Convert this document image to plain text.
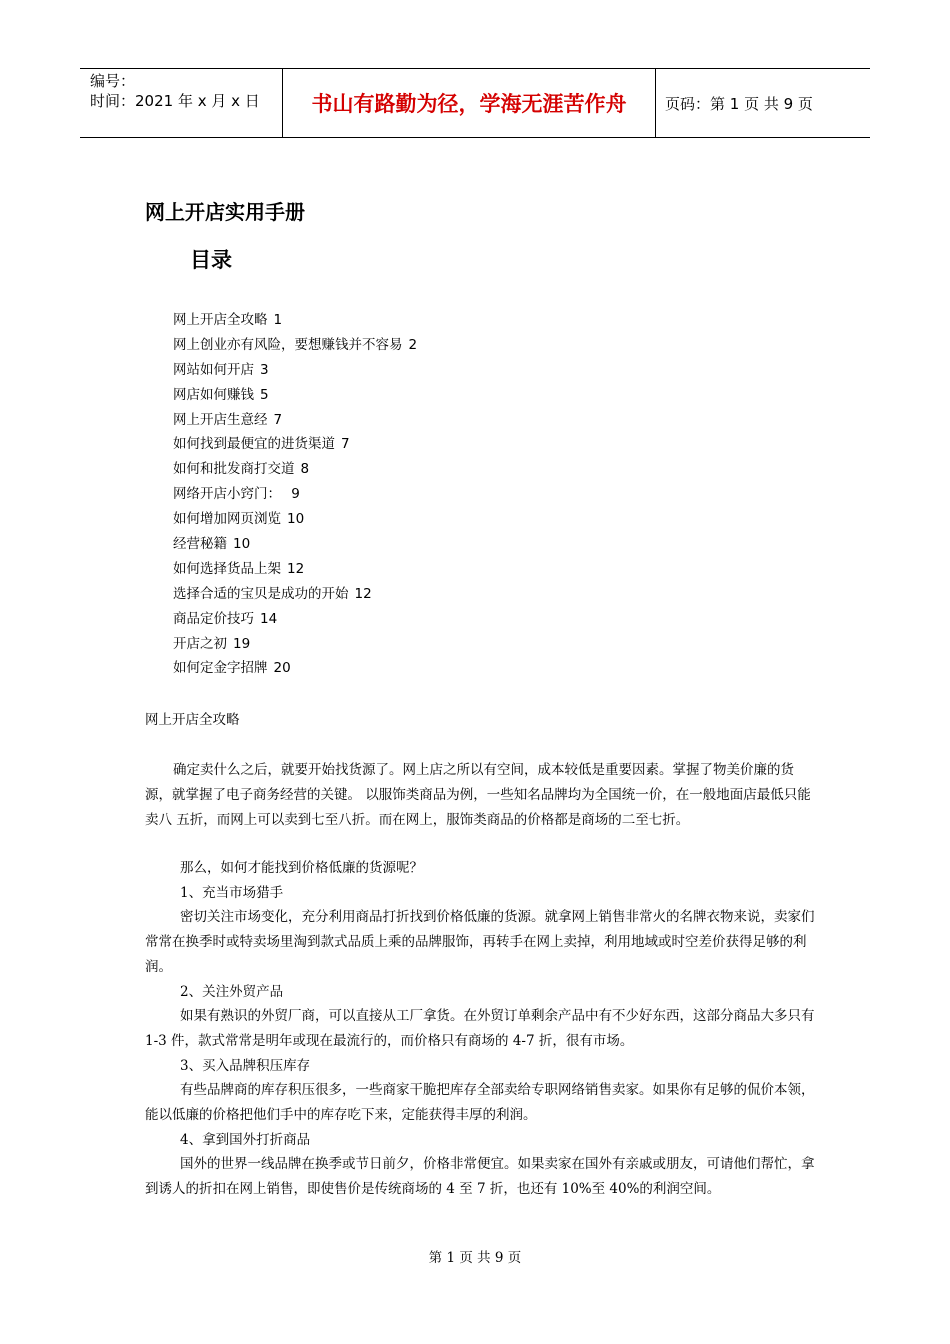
编号：
时间：2021 年 x 月 x 日	书山有路勤为径，学海无涯苦作舟	页码：第 1 页 共 9 页
网上开店实用手册
目录
网上开店全攻略 1
网上创业亦有风险，要想赚钱并不容易 2
网站如何开店 3
网店如何赚钱 5
网上开店生意经 7
如何找到最便宜的进货渠道 7
如何和批发商打交道 8
网络开店小窍门： 9
如何增加网页浏览 10
经营秘籍 10
如何选择货品上架 12
选择合适的宝贝是成功的开始 12
商品定价技巧 14
开店之初 19
如何定金字招牌 20
网上开店全攻略

确定卖什么之后，就要开始找货源了。网上店之所以有空间，成本较低是重要因素。掌握了物美价廉的货源，就掌握了电子商务经营的关键。 以服饰类商品为例，一些知名品牌均为全国统一价，在一般地面店最低只能卖八 五折，而网上可以卖到七至八折。而在网上，服饰类商品的价格都是商场的二至七折。

那么，如何才能找到价格低廉的货源呢？

1、充当市场猎手

密切关注市场变化，充分利用商品打折找到价格低廉的货源。就拿网上销售非常火的名牌衣物来说，卖家们常常在换季时或特卖场里淘到款式品质上乘的品牌服饰，再转手在网上卖掉，利用地域或时空差价获得足够的利润。

2、关注外贸产品

如果有熟识的外贸厂商，可以直接从工厂拿货。在外贸订单剩余产品中有不少好东西，这部分商品大多只有 1-3 件，款式常常是明年或现在最流行的，而价格只有商场的 4-7 折，很有市场。

3、买入品牌积压库存

有些品牌商的库存积压很多，一些商家干脆把库存全部卖给专职网络销售卖家。如果你有足够的侃价本领，能以低廉的价格把他们手中的库存吃下来，定能获得丰厚的利润。

4、拿到国外打折商品

国外的世界一线品牌在换季或节日前夕，价格非常便宜。如果卖家在国外有亲戚或朋友，可请他们帮忙，拿到诱人的折扣在网上销售，即使售价是传统商场的 4 至 7 折，也还有 10%至 40%的利润空间。

第 1 页 共 9 页
